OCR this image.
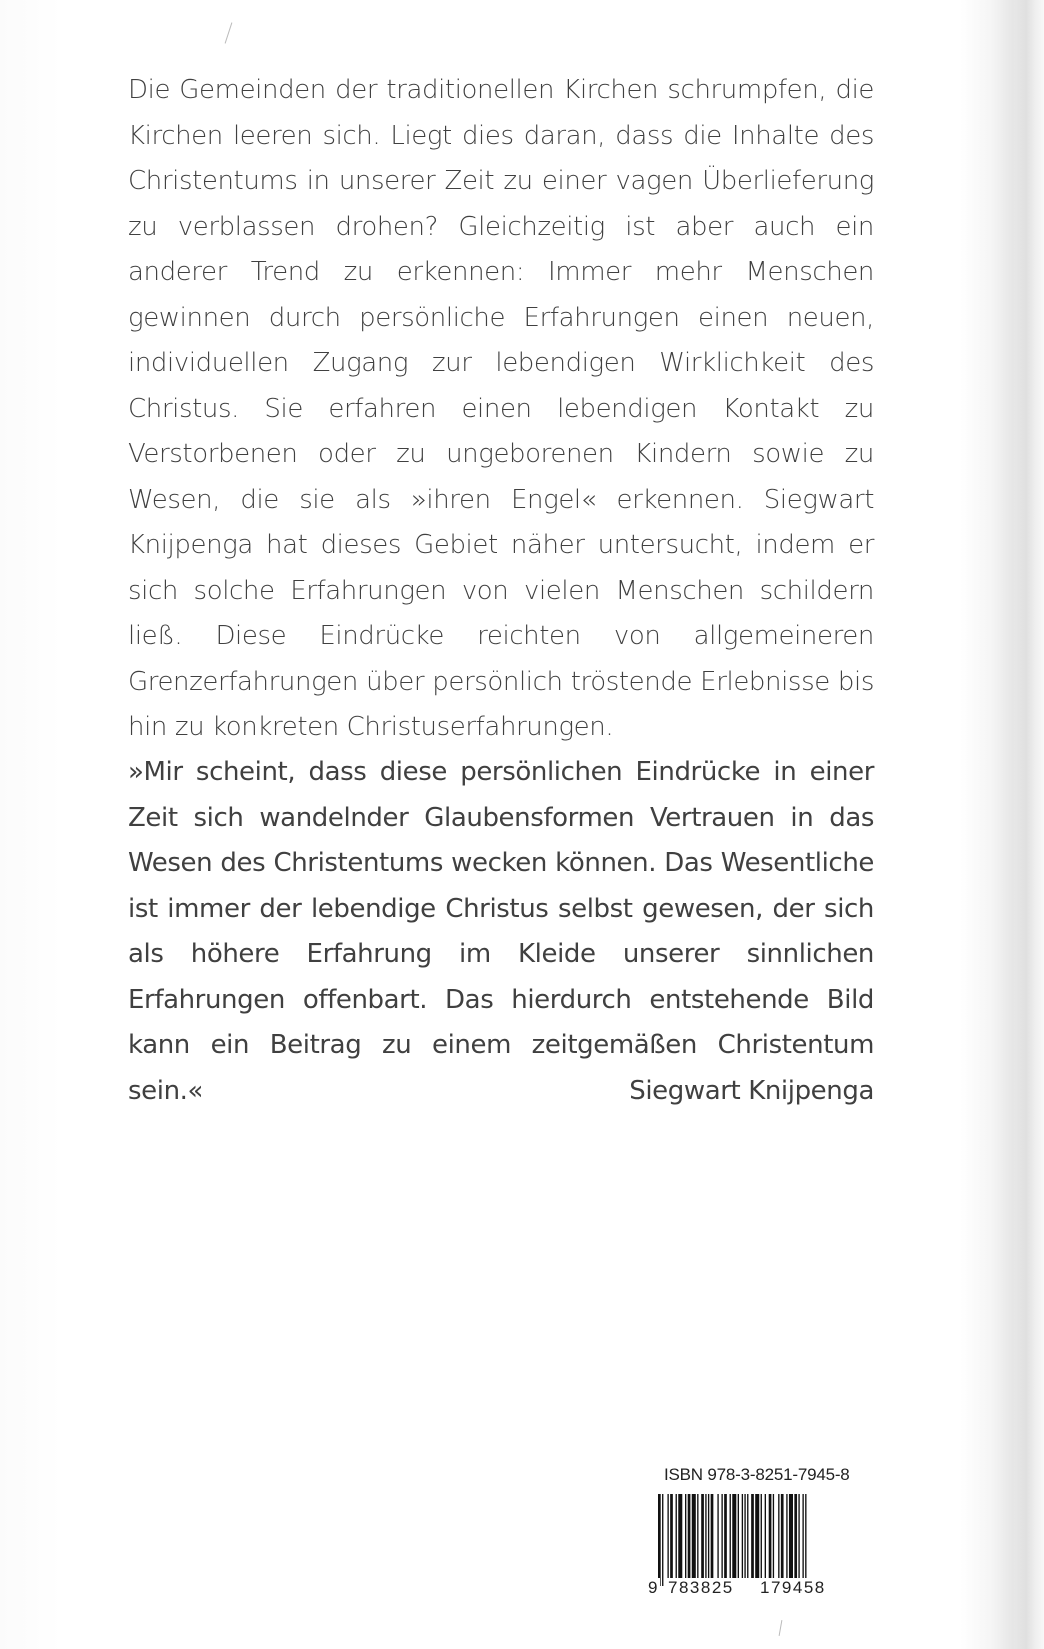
Die Gemeinden der traditionellen Kirchen schrumpfen, die Kirchen leeren sich. Liegt dies daran, dass die Inhalte des Christentums in unserer Zeit zu einer vagen Überlieferung zu verblassen drohen? Gleichzeitig ist aber auch ein anderer Trend zu erkennen: Immer mehr Menschen gewinnen durch persönliche Erfahrungen einen neuen, individuellen Zugang zur lebendigen Wirklichkeit des Christus. Sie erfahren einen lebendigen Kontakt zu Verstorbenen oder zu ungeborenen Kindern sowie zu Wesen, die sie als »ihren Engel« erkennen. Siegwart Knijpenga hat dieses Gebiet näher untersucht, indem er sich solche Erfahrungen von vielen Menschen schildern ließ. Diese Eindrücke reichten von allgemeineren Grenzerfahrungen über persönlich tröstende Erlebnisse bis hin zu konkreten Christuserfahrungen.

»Mir scheint, dass diese persönlichen Eindrücke in einer Zeit sich wandelnder Glaubensformen Vertrauen in das Wesen des Christentums wecken können. Das Wesentliche ist immer der lebendige Christus selbst gewesen, der sich als höhere Erfahrung im Kleide unserer sinnlichen Erfahrungen offenbart. Das hierdurch entstehende Bild kann ein Beitrag zu einem zeitgemäßen Christentum sein.«	Siegwart Knijpenga

ISBN 978-3-8251-7945-8
9 783825 179458
